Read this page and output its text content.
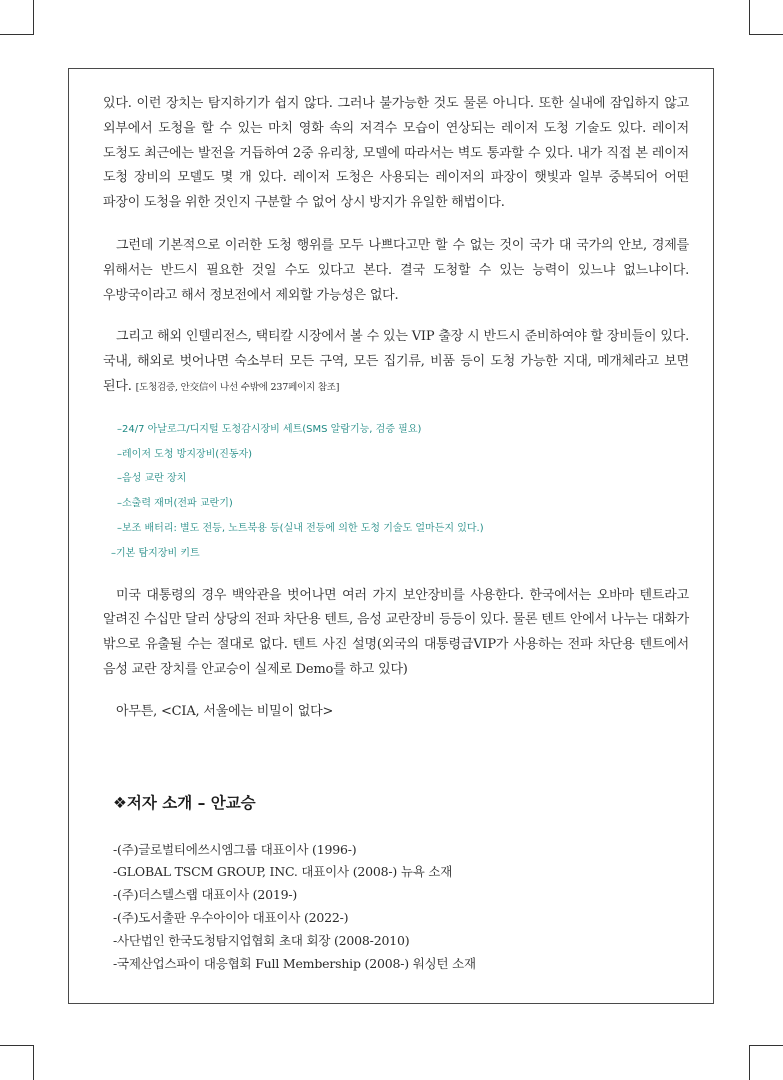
있다. 이런 장치는 탐지하기가 쉽지 않다. 그러나 불가능한 것도 물론 아니다. 또한 실내에 잠입하지 않고 외부에서 도청을 할 수 있는 마치 영화 속의 저격수 모습이 연상되는 레이저 도청 기술도 있다. 레이저 도청도 최근에는 발전을 거듭하여 2중 유리창, 모델에 따라서는 벽도 통과할 수 있다. 내가 직접 본 레이저 도청 장비의 모델도 몇 개 있다. 레이저 도청은 사용되는 레이저의 파장이 햇빛과 일부 중복되어 어떤 파장이 도청을 위한 것인지 구분할 수 없어 상시 방지가 유일한 해법이다.

그런데 기본적으로 이러한 도청 행위를 모두 나쁘다고만 할 수 없는 것이 국가 대 국가의 안보, 경제를 위해서는 반드시 필요한 것일 수도 있다고 본다. 결국 도청할 수 있는 능력이 있느냐 없느냐이다. 우방국이라고 해서 정보전에서 제외할 가능성은 없다.

그리고 해외 인텔리전스, 택티칼 시장에서 볼 수 있는 VIP 출장 시 반드시 준비하여야 할 장비들이 있다. 국내, 해외로 벗어나면 숙소부터 모든 구역, 모든 집기류, 비품 등이 도청 가능한 지대, 메개체라고 보면 된다. [도청검증, 안交信이 나선 수밖에 237페이지 참조]

–24/7 아날로그/디지털 도청감시장비 세트(SMS 알람기능, 검증 필요)
–레이저 도청 방지장비(진동자)
–음성 교란 장치
–소출력 재머(전파 교란기)
–보조 배터리: 별도 전등, 노트북용 등(실내 전등에 의한 도청 기술도 얼마든지 있다.)
–기본 탐지장비 키트

미국 대통령의 경우 백악관을 벗어나면 여러 가지 보안장비를 사용한다. 한국에서는 오바마 텐트라고 알려진 수십만 달러 상당의 전파 차단용 텐트, 음성 교란장비 등등이 있다. 물론 텐트 안에서 나누는 대화가 밖으로 유출될 수는 절대로 없다. 텐트 사진 설명(외국의 대통령급VIP가 사용하는 전파 차단용 텐트에서 음성 교란 장치를 안교승이 실제로 Demo를 하고 있다)

아무튼, <CIA, 서울에는 비밀이 없다>

❖저자 소개 – 안교승
-(주)글로벌티에쓰시엠그룹 대표이사 (1996-)
-GLOBAL TSCM GROUP, INC. 대표이사 (2008-) 뉴욕 소재
-(주)더스텔스랩 대표이사 (2019-)
-(주)도서출판 우수아이아 대표이사 (2022-)
-사단법인 한국도청탐지업협회 초대 회장 (2008-2010)
-국제산업스파이 대응협회 Full Membership (2008-) 워싱턴 소재
